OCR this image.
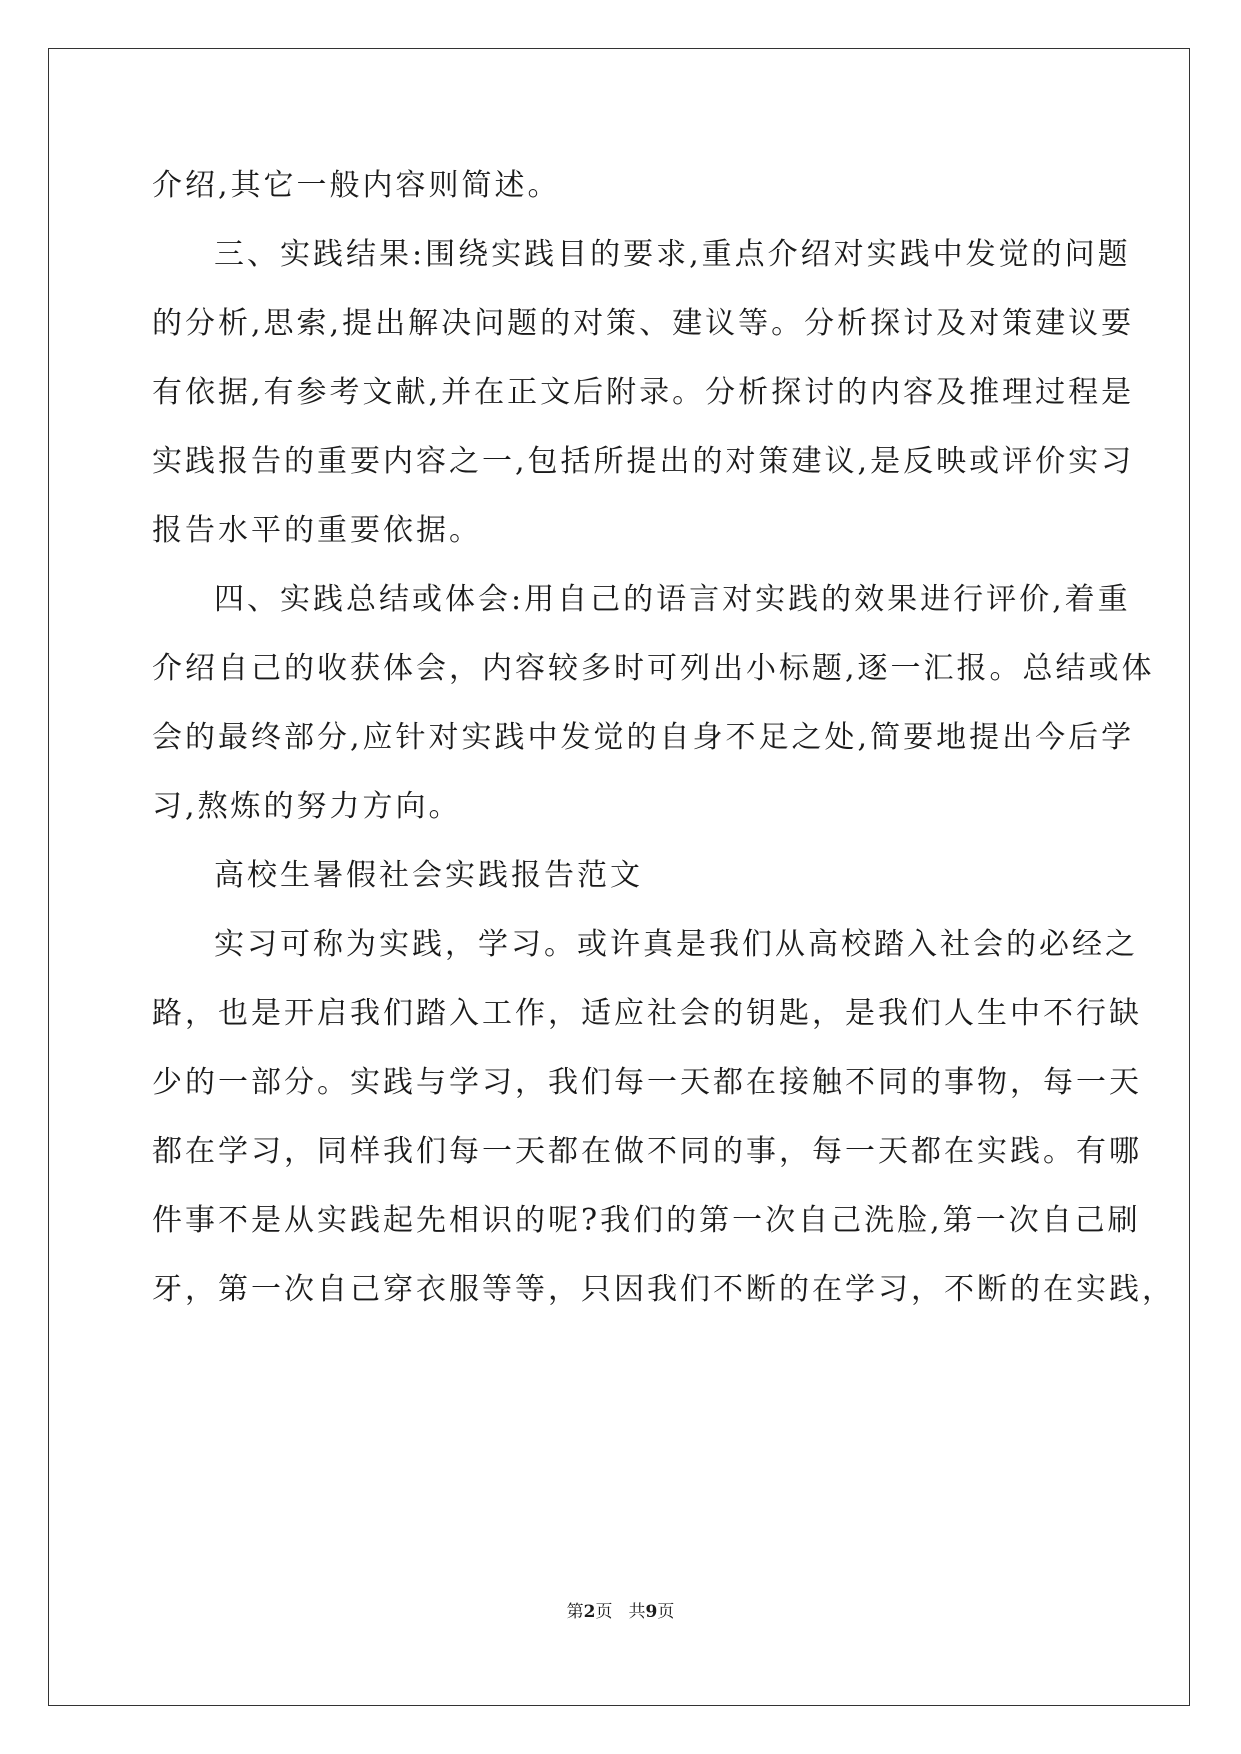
介绍,其它一般内容则简述。
三、实践结果:围绕实践目的要求,重点介绍对实践中发觉的问题
的分析,思索,提出解决问题的对策、建议等。分析探讨及对策建议要
有依据,有参考文献,并在正文后附录。分析探讨的内容及推理过程是
实践报告的重要内容之一,包括所提出的对策建议,是反映或评价实习
报告水平的重要依据。
四、实践总结或体会:用自己的语言对实践的效果进行评价,着重
介绍自己的收获体会，内容较多时可列出小标题,逐一汇报。总结或体
会的最终部分,应针对实践中发觉的自身不足之处,简要地提出今后学
习,熬炼的努力方向。
高校生暑假社会实践报告范文
实习可称为实践，学习。或许真是我们从高校踏入社会的必经之
路，也是开启我们踏入工作，适应社会的钥匙，是我们人生中不行缺
少的一部分。实践与学习，我们每一天都在接触不同的事物，每一天
都在学习，同样我们每一天都在做不同的事，每一天都在实践。有哪
件事不是从实践起先相识的呢?我们的第一次自己洗脸,第一次自己刷
牙，第一次自己穿衣服等等，只因我们不断的在学习，不断的在实践，
第2页 共9页
